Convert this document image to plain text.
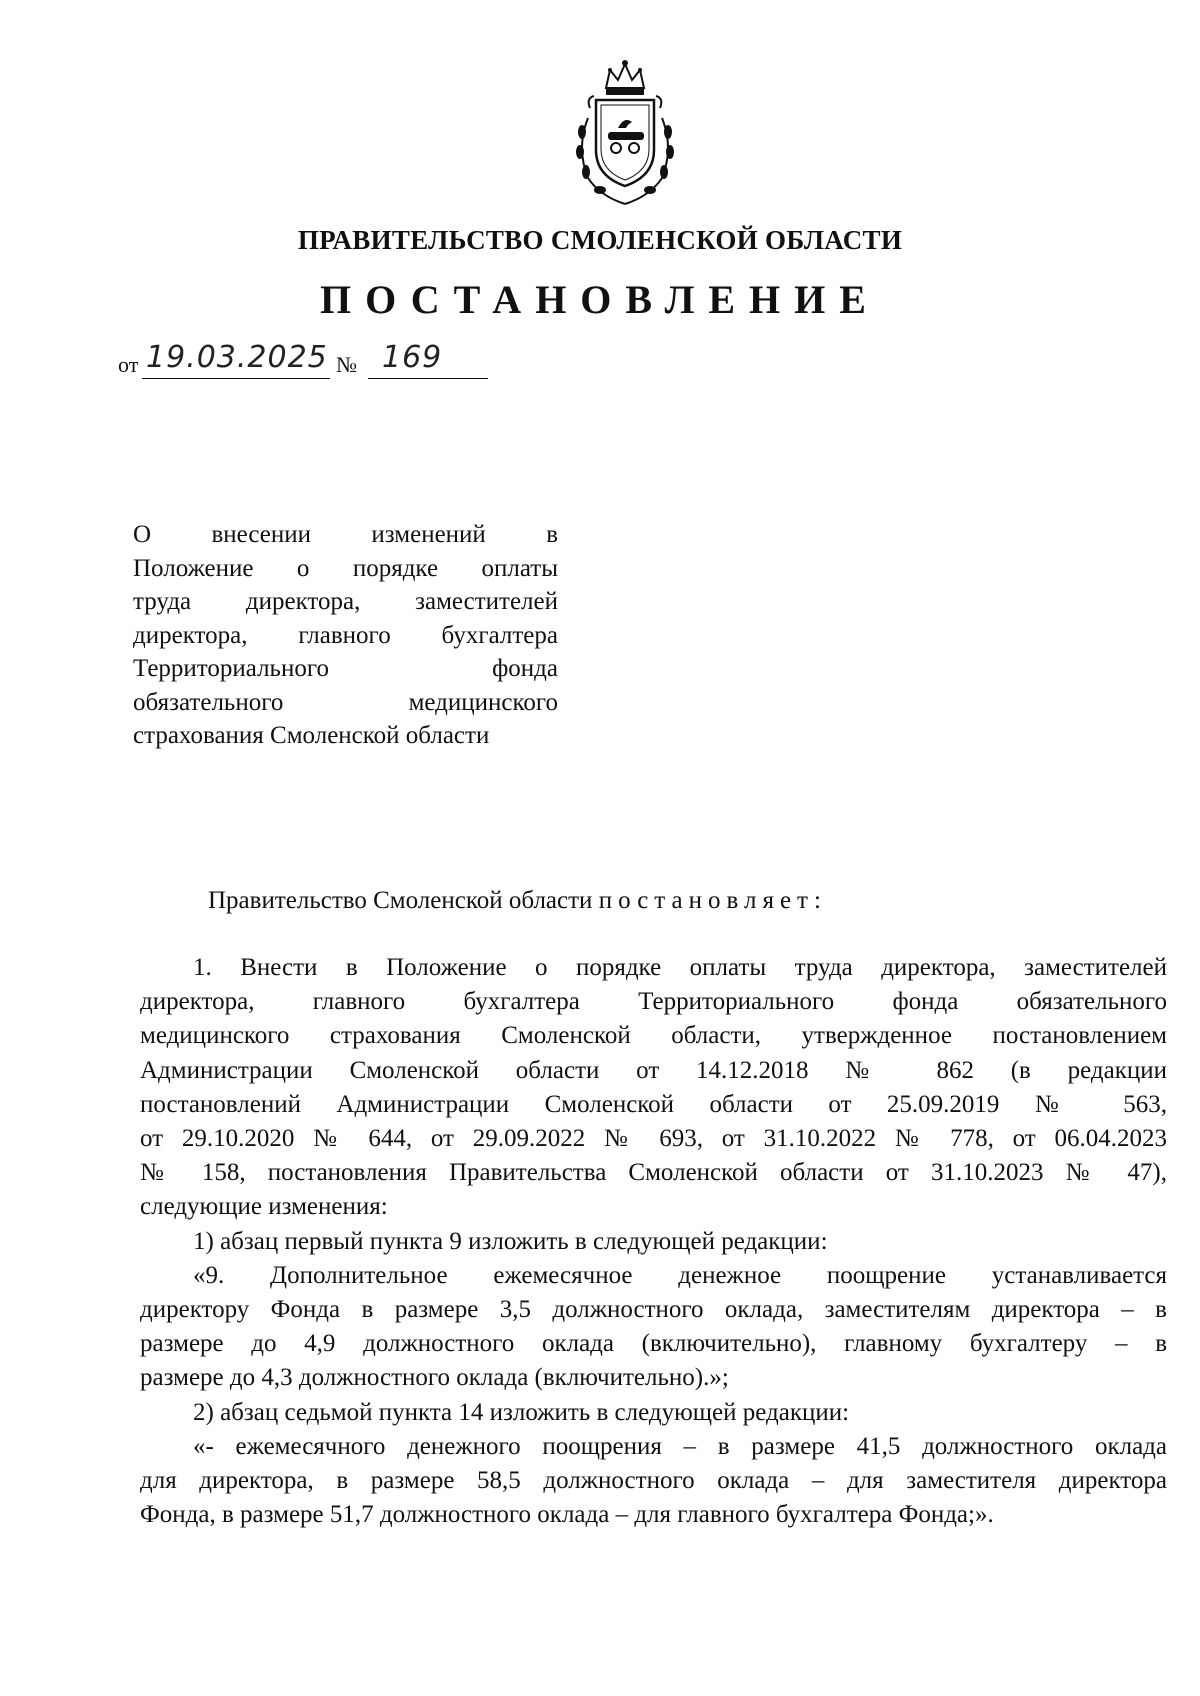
ПРАВИТЕЛЬСТВО СМОЛЕНСКОЙ ОБЛАСТИ
ПОСТАНОВЛЕНИЕ
от 19.03.2025 № 169
О внесении изменений в
Положение о порядке оплаты
труда директора, заместителей
директора, главного бухгалтера
Территориального фонда
обязательного медицинского
страхования Смоленской области
Правительство Смоленской области постановляет:
1. Внести в Положение о порядке оплаты труда директора, заместителей
директора, главного бухгалтера Территориального фонда обязательного
медицинского страхования Смоленской области, утвержденное постановлением
Администрации Смоленской области от 14.12.2018 № 862 (в редакции
постановлений Администрации Смоленской области от 25.09.2019 № 563,
от 29.10.2020 № 644, от 29.09.2022 № 693, от 31.10.2022 № 778, от 06.04.2023
№ 158, постановления Правительства Смоленской области от 31.10.2023 № 47),
следующие изменения:
1) абзац первый пункта 9 изложить в следующей редакции:
«9. Дополнительное ежемесячное денежное поощрение устанавливается
директору Фонда в размере 3,5 должностного оклада, заместителям директора – в
размере до 4,9 должностного оклада (включительно), главному бухгалтеру – в
размере до 4,3 должностного оклада (включительно).»;
2) абзац седьмой пункта 14 изложить в следующей редакции:
«- ежемесячного денежного поощрения – в размере 41,5 должностного оклада
для директора, в размере 58,5 должностного оклада – для заместителя директора
Фонда, в размере 51,7 должностного оклада – для главного бухгалтера Фонда;».
